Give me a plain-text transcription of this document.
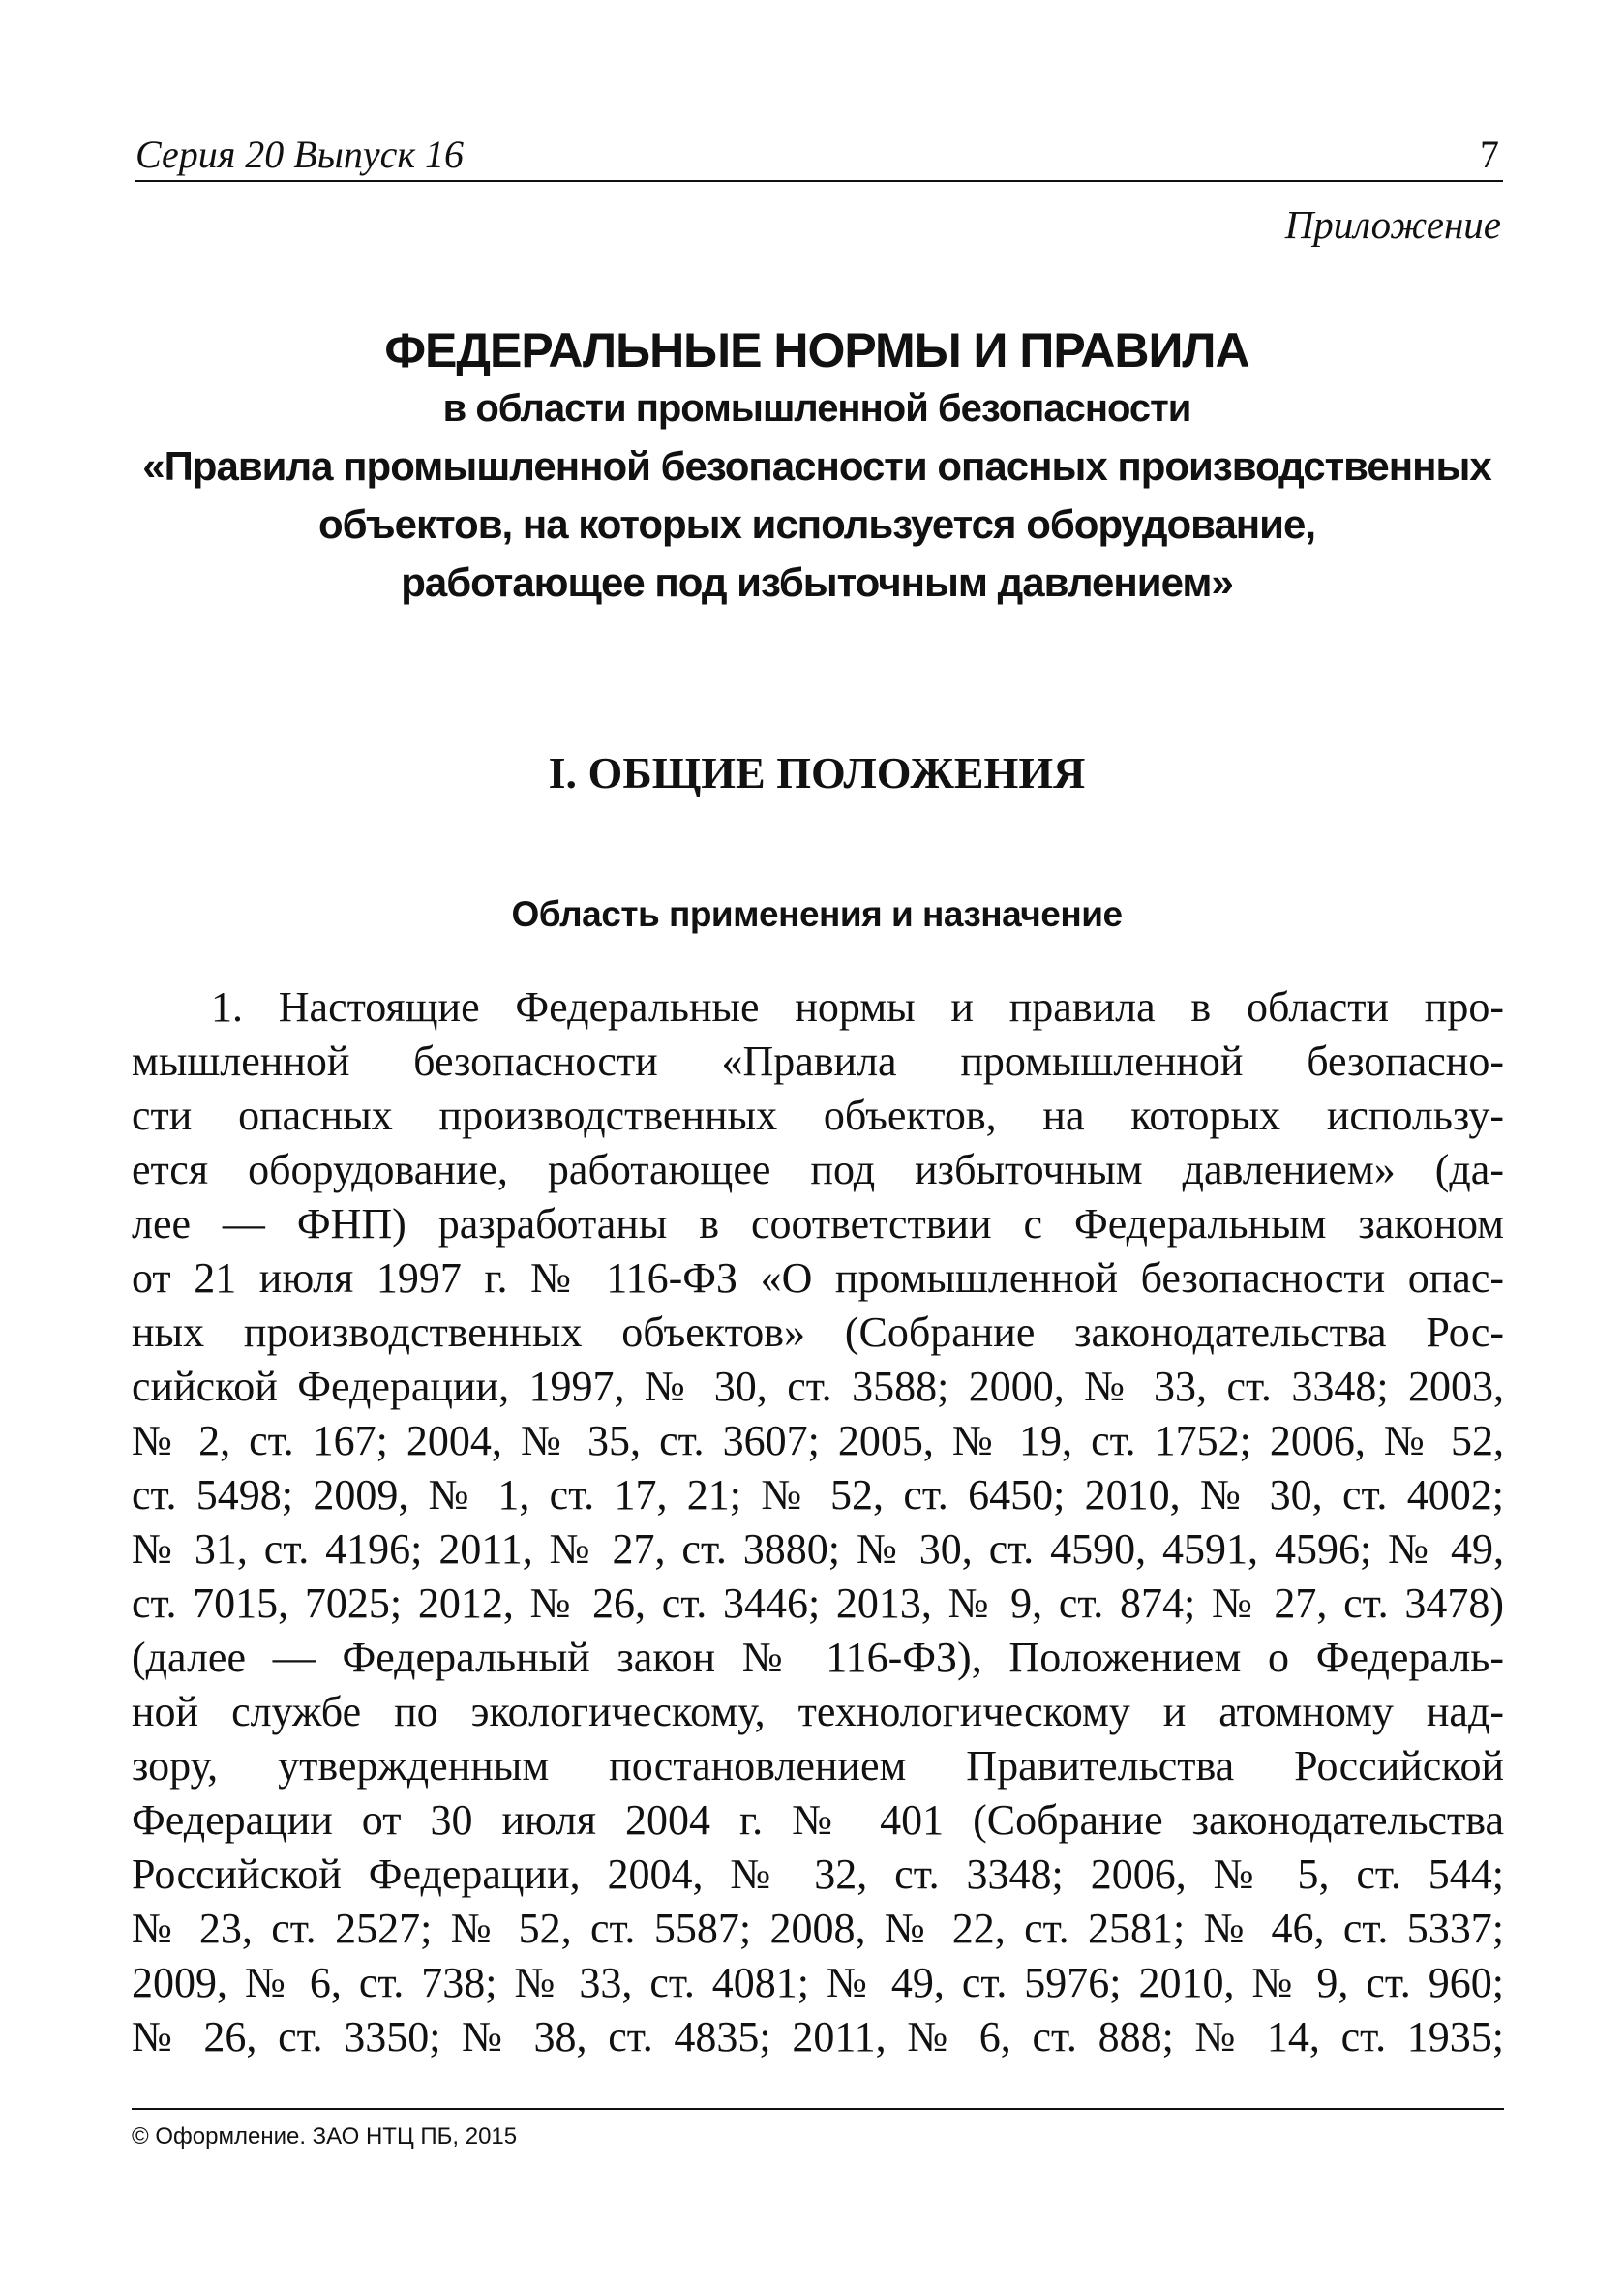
Серия 20 Выпуск 16	7
Приложение
ФЕДЕРАЛЬНЫЕ НОРМЫ И ПРАВИЛА
в области промышленной безопасности
«Правила промышленной безопасности опасных производственных
объектов, на которых используется оборудование,
работающее под избыточным давлением»
I. ОБЩИЕ ПОЛОЖЕНИЯ
Область применения и назначение
1. Настоящие Федеральные нормы и правила в области про-
мышленной безопасности «Правила промышленной безопасно-
сти опасных производственных объектов, на которых использу-
ется оборудование, работающее под избыточным давлением» (да-
лее — ФНП) разработаны в соответствии с Федеральным законом
от 21 июля 1997 г. № 116-ФЗ «О промышленной безопасности опас-
ных производственных объектов» (Собрание законодательства Рос-
сийской Федерации, 1997, № 30, ст. 3588; 2000, № 33, ст. 3348; 2003,
№ 2, ст. 167; 2004, № 35, ст. 3607; 2005, № 19, ст. 1752; 2006, № 52,
ст. 5498; 2009, № 1, ст. 17, 21; № 52, ст. 6450; 2010, № 30, ст. 4002;
№ 31, ст. 4196; 2011, № 27, ст. 3880; № 30, ст. 4590, 4591, 4596; № 49,
ст. 7015, 7025; 2012, № 26, ст. 3446; 2013, № 9, ст. 874; № 27, ст. 3478)
(далее — Федеральный закон № 116-ФЗ), Положением о Федераль-
ной службе по экологическому, технологическому и атомному над-
зору, утвержденным постановлением Правительства Российской
Федерации от 30 июля 2004 г. № 401 (Собрание законодательства
Российской Федерации, 2004, № 32, ст. 3348; 2006, № 5, ст. 544;
№ 23, ст. 2527; № 52, ст. 5587; 2008, № 22, ст. 2581; № 46, ст. 5337;
2009, № 6, ст. 738; № 33, ст. 4081; № 49, ст. 5976; 2010, № 9, ст. 960;
№ 26, ст. 3350; № 38, ст. 4835; 2011, № 6, ст. 888; № 14, ст. 1935;
© Оформление. ЗАО НТЦ ПБ, 2015
